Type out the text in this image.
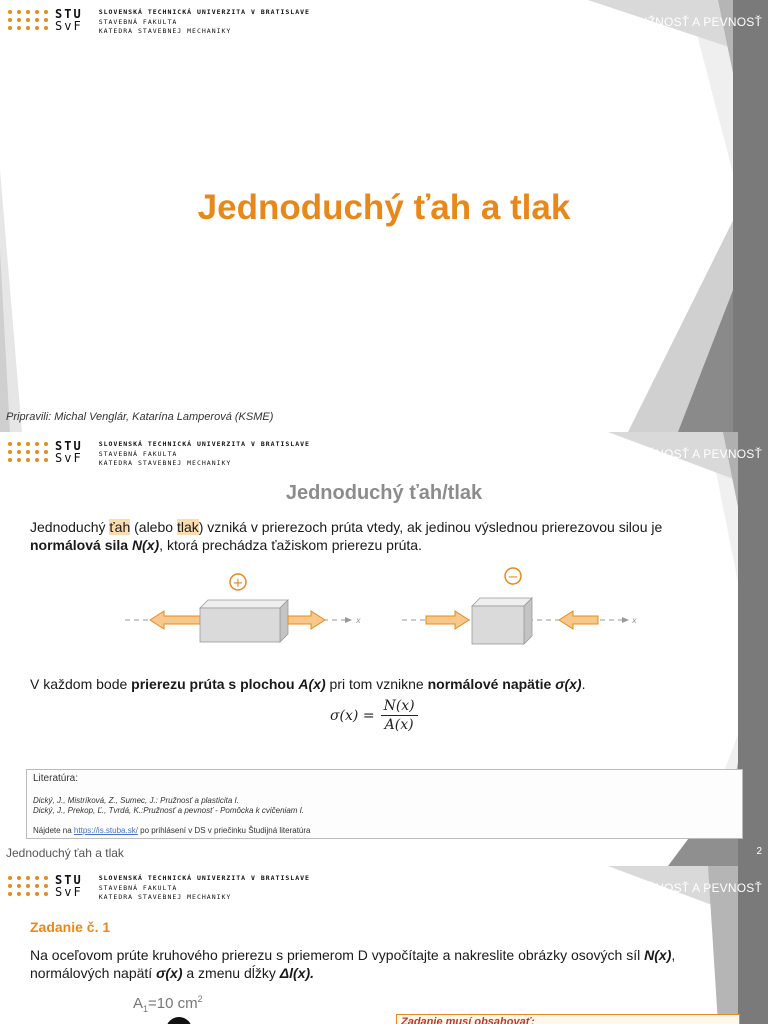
STU
SvF
SLOVENSKÁ TECHNICKÁ UNIVERZITA V BRATISLAVE
STAVEBNÁ FAKULTA
KATEDRA STAVEBNEJ MECHANIKY
PRUŽNOSŤ A PEVNOSŤ
Jednoduchý ťah a tlak
Pripravili: Michal Venglár, Katarína Lamperová (KSME)
STU
SvF
SLOVENSKÁ TECHNICKÁ UNIVERZITA V BRATISLAVE
STAVEBNÁ FAKULTA
KATEDRA STAVEBNEJ MECHANIKY
PRUŽNOSŤ A PEVNOSŤ
Jednoduchý ťah/tlak
Jednoduchý ťah (alebo tlak) vzniká v prierezoch prúta vtedy, ak jedinou výslednou prierezovou silou je
normálová sila N(x), ktorá prechádza ťažiskom prierezu prúta.
x
+
x
−
V každom bode prierezu prúta s plochou A(x) pri tom vznikne normálové napätie σ(x).
$\sigma(x) = \frac{N(x)}{A(x)}$
Literatúra:
Dický, J., Mistríková, Z., Sumec, J.: Pružnosť a plasticita I.
Dický, J., Prekop, Ľ., Tvrdá, K.:Pružnosť a pevnosť - Pomôcka k cvičeniam I.
Nájdete na https://is.stuba.sk/ po prihlásení v DS v priečinku Študijná literatúra
Jednoduchý ťah a tlak	2
STU
SvF
SLOVENSKÁ TECHNICKÁ UNIVERZITA V BRATISLAVE
STAVEBNÁ FAKULTA
KATEDRA STAVEBNEJ MECHANIKY
PRUŽNOSŤ A PEVNOSŤ
Zadanie č. 1
Na oceľovom prúte kruhového prierezu s priemerom D vypočítajte a nakreslite obrázky osových síl N(x),
normálových napätí σ(x) a zmenu dĺžky Δl(x).
$A_1=10$ $cm^2$
Zadanie musí obsahovať:
